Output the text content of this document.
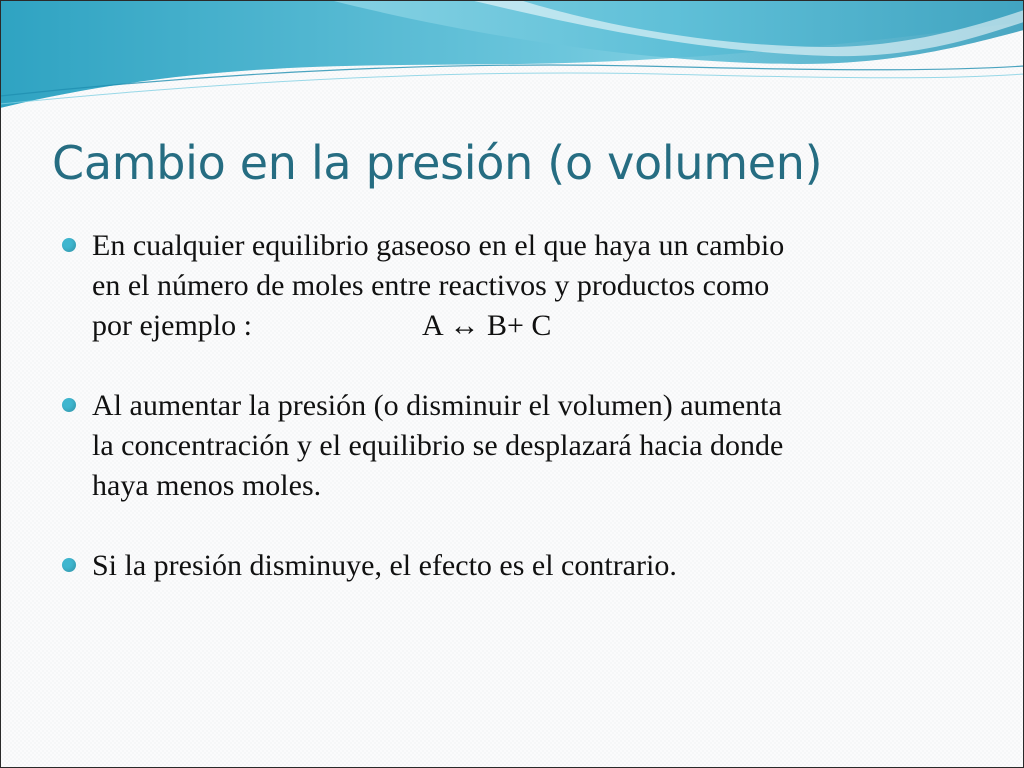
Cambio en la presión (o volumen)
En cualquier equilibrio gaseoso en el que haya un cambio
en el número de moles entre reactivos y productos como
por ejemplo :	A ↔ B+ C
Al aumentar la presión (o disminuir el volumen) aumenta
la concentración y el equilibrio se desplazará hacia donde
haya menos moles.
Si la presión disminuye, el efecto es el contrario.
